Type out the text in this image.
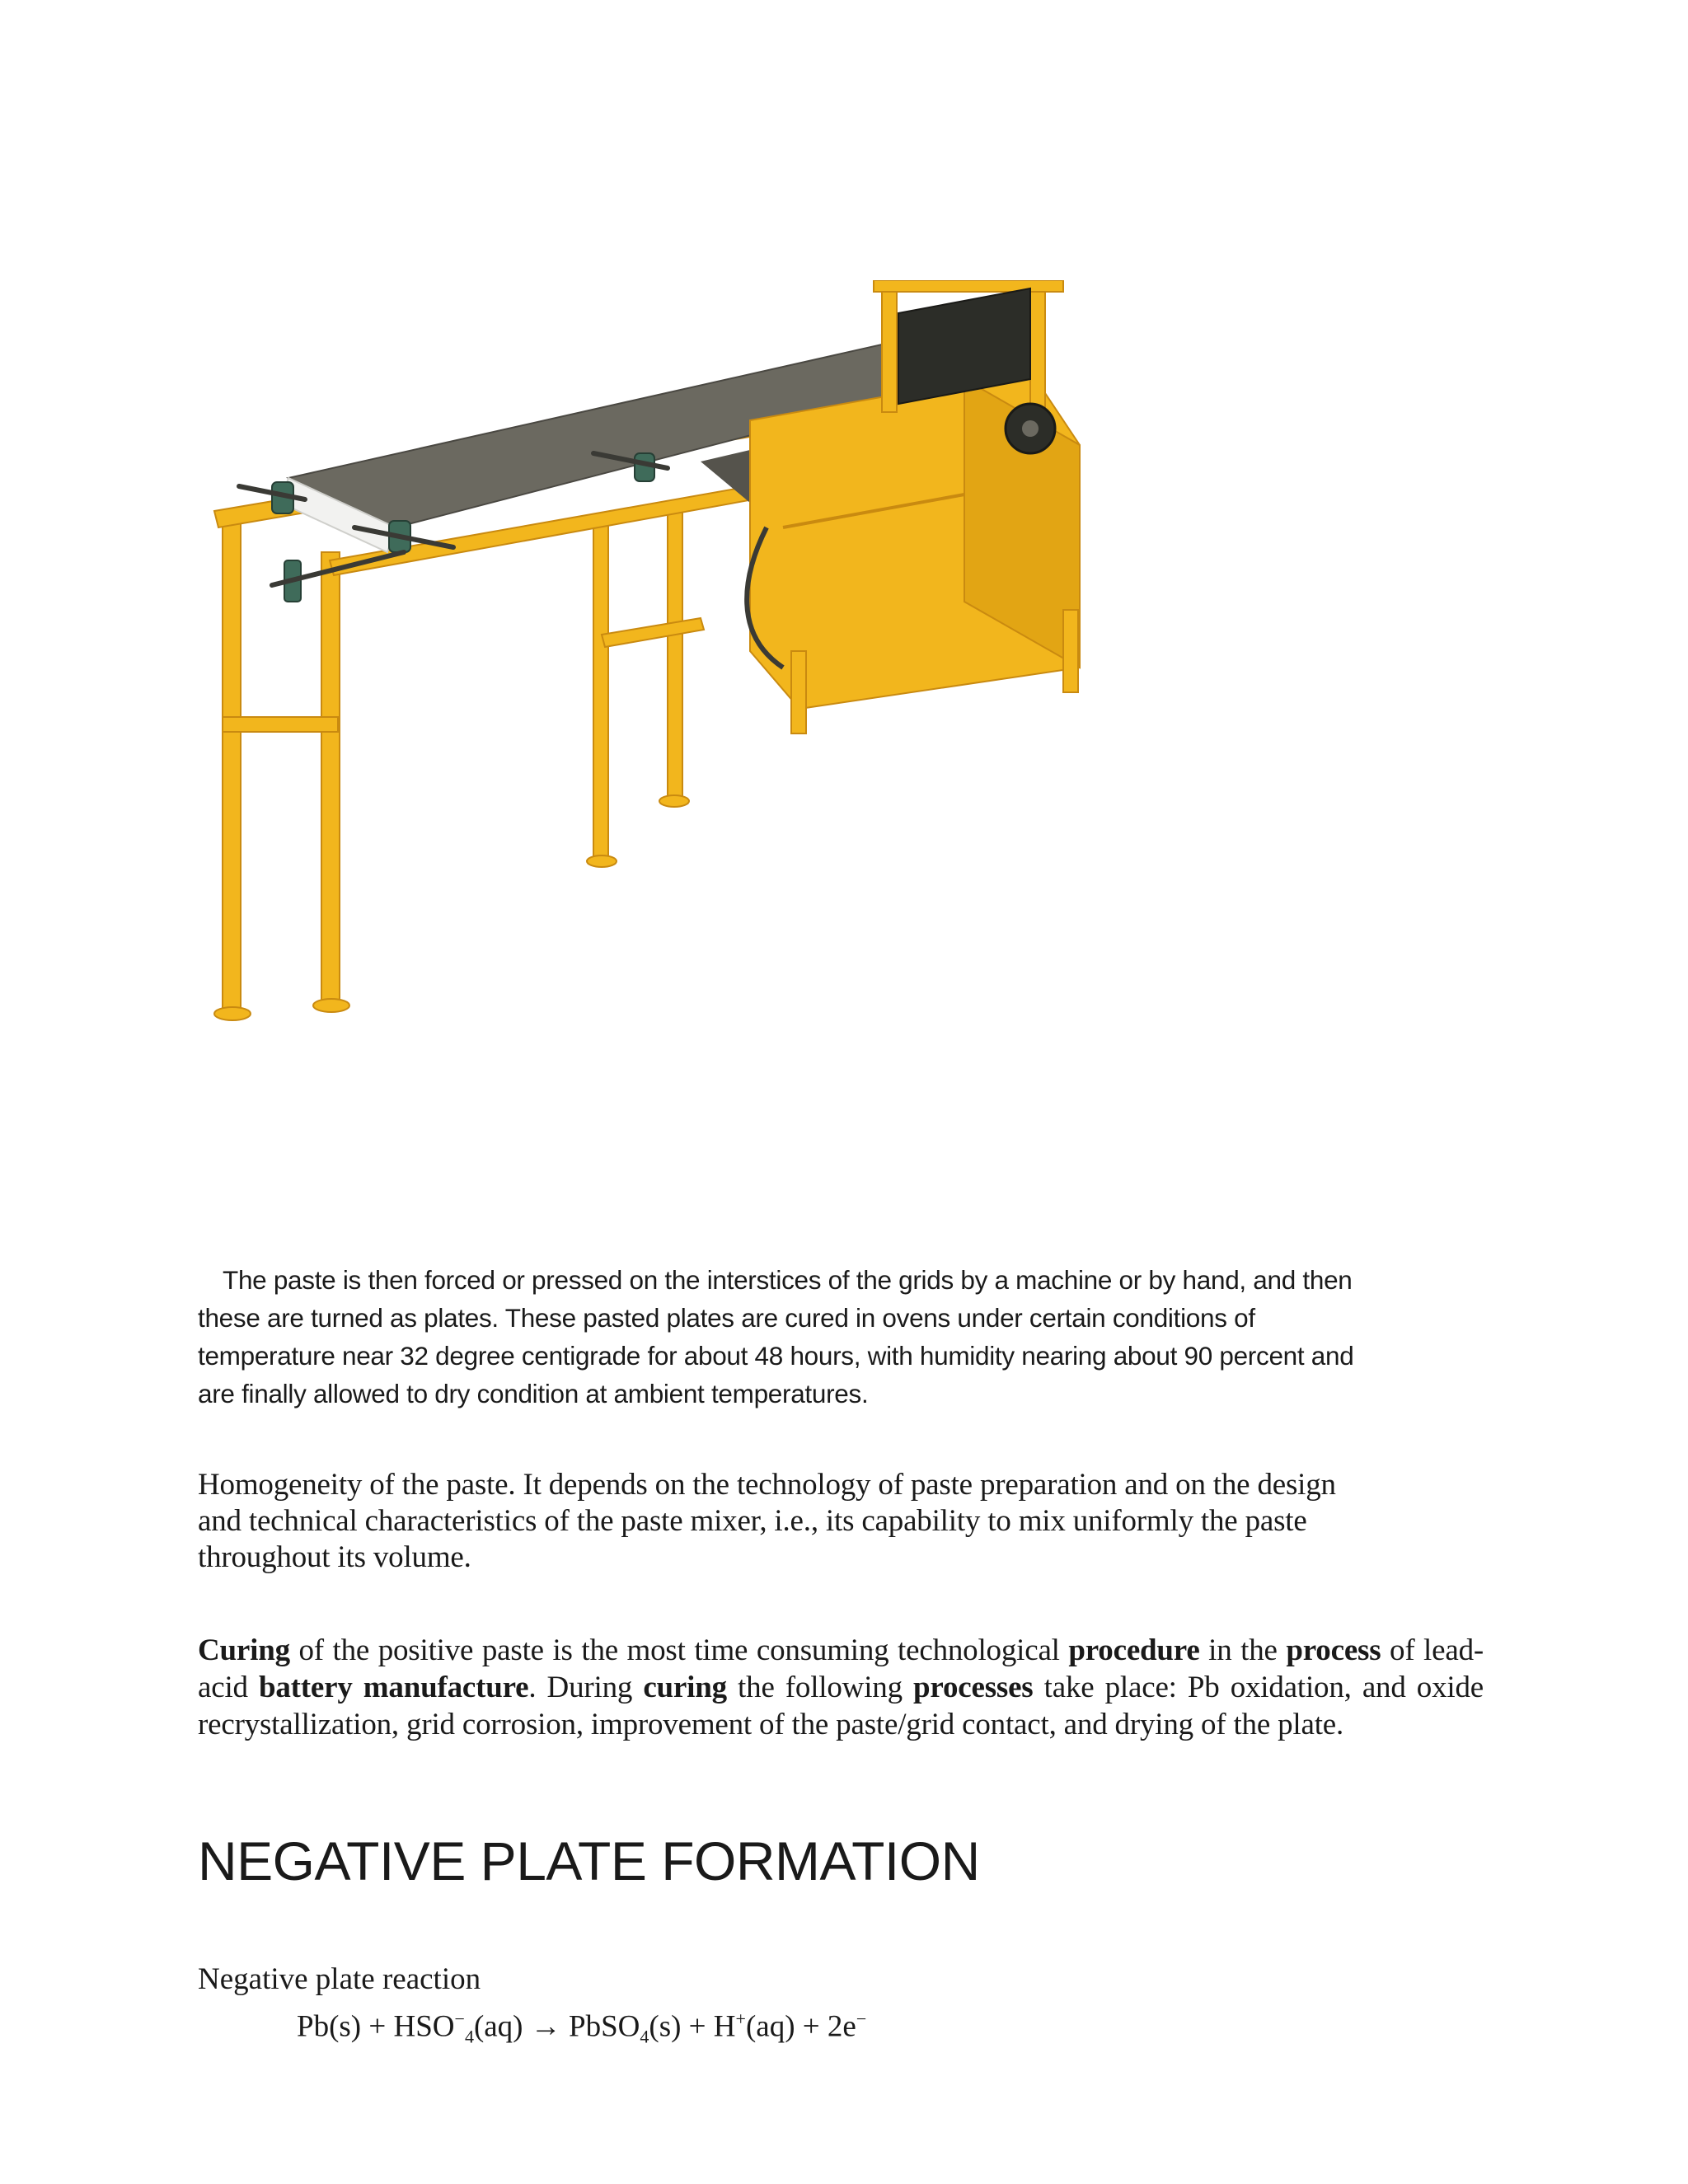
The paste is then forced or pressed on the interstices of the grids by a machine or by hand, and then
these are turned as plates. These pasted plates are cured in ovens under certain conditions of
temperature near 32 degree centigrade for about 48 hours, with humidity nearing about 90 percent and
are finally allowed to dry condition at ambient temperatures.
Homogeneity of the paste. It depends on the technology of paste preparation and on the design
and technical characteristics of the paste mixer, i.e., its capability to mix uniformly the paste
throughout its volume.
Curing of the positive paste is the most time consuming technological procedure in the process of lead- acid battery manufacture. During curing the following processes take place: Pb oxidation, and oxide recrystallization, grid corrosion, improvement of the paste/grid contact, and drying of the plate.
NEGATIVE PLATE FORMATION
Negative plate reaction
$Pb(s) + HSO^-_4(aq)$ → PbSO$_4$(s) + H+(aq) + 2e−
